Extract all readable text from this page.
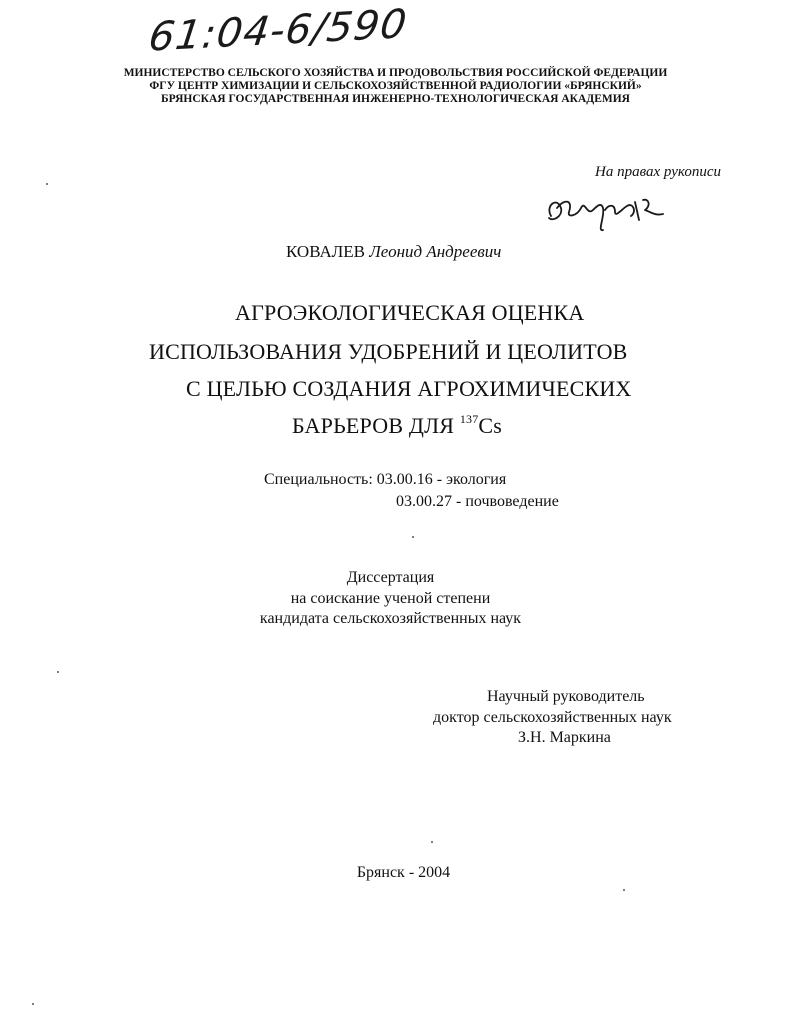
61:04-6/590
МИНИСТЕРСТВО СЕЛЬСКОГО ХОЗЯЙСТВА И ПРОДОВОЛЬСТВИЯ РОССИЙСКОЙ ФЕДЕРАЦИИ
ФГУ ЦЕНТР ХИМИЗАЦИИ И СЕЛЬСКОХОЗЯЙСТВЕННОЙ РАДИОЛОГИИ «БРЯНСКИЙ»
БРЯНСКАЯ ГОСУДАРСТВЕННАЯ ИНЖЕНЕРНО-ТЕХНОЛОГИЧЕСКАЯ АКАДЕМИЯ
На правах рукописи
КОВАЛЕВ Леонид Андреевич
АГРОЭКОЛОГИЧЕСКАЯ ОЦЕНКА
ИСПОЛЬЗОВАНИЯ УДОБРЕНИЙ И ЦЕОЛИТОВ
С ЦЕЛЬЮ СОЗДАНИЯ АГРОХИМИЧЕСКИХ
БАРЬЕРОВ ДЛЯ $^{137}$Cs
Специальность: 03.00.16 - экология
03.00.27 - почвоведение
Диссертация
на соискание ученой степени
кандидата сельскохозяйственных наук
Научный руководитель
доктор сельскохозяйственных наук
З.Н. Маркина
Брянск - 2004
